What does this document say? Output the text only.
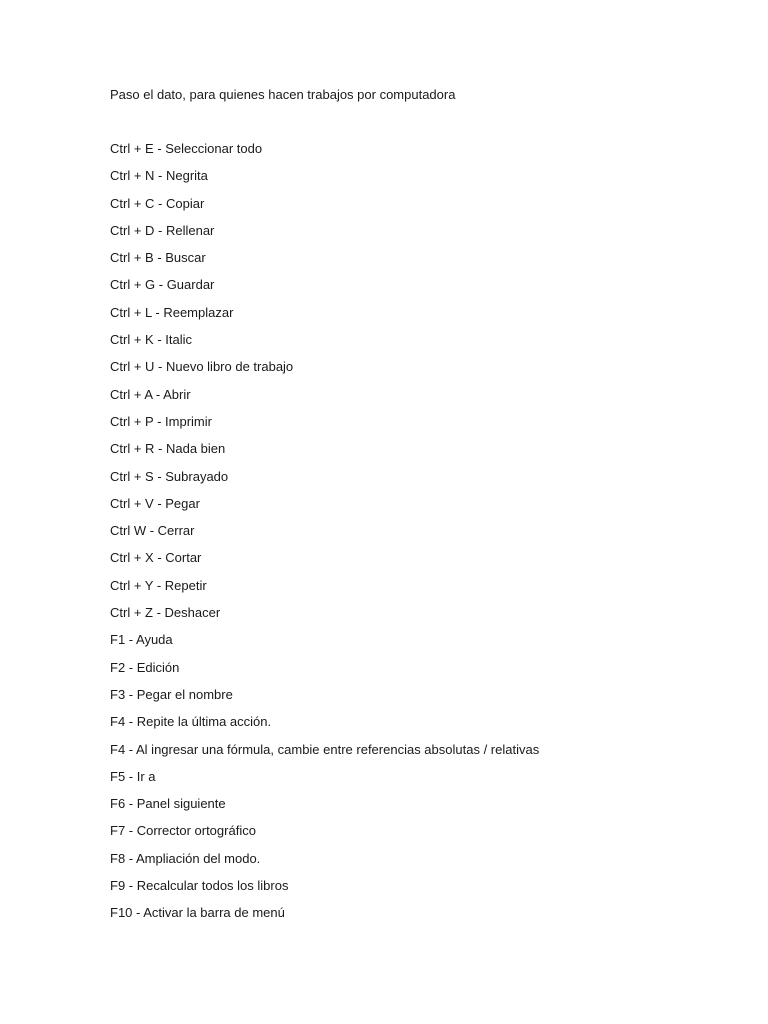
Paso el dato, para quienes hacen trabajos por computadora
Ctrl + E - Seleccionar todo
Ctrl + N - Negrita
Ctrl + C - Copiar
Ctrl + D - Rellenar
Ctrl + B - Buscar
Ctrl + G - Guardar
Ctrl + L - Reemplazar
Ctrl + K - Italic
Ctrl + U - Nuevo libro de trabajo
Ctrl + A - Abrir
Ctrl + P - Imprimir
Ctrl + R - Nada bien
Ctrl + S - Subrayado
Ctrl + V - Pegar
Ctrl W - Cerrar
Ctrl + X - Cortar
Ctrl + Y - Repetir
Ctrl + Z - Deshacer
F1 - Ayuda
F2 - Edición
F3 - Pegar el nombre
F4 - Repite la última acción.
F4 - Al ingresar una fórmula, cambie entre referencias absolutas / relativas
F5 - Ir a
F6 - Panel siguiente
F7 - Corrector ortográfico
F8 - Ampliación del modo.
F9 - Recalcular todos los libros
F10 - Activar la barra de menú
